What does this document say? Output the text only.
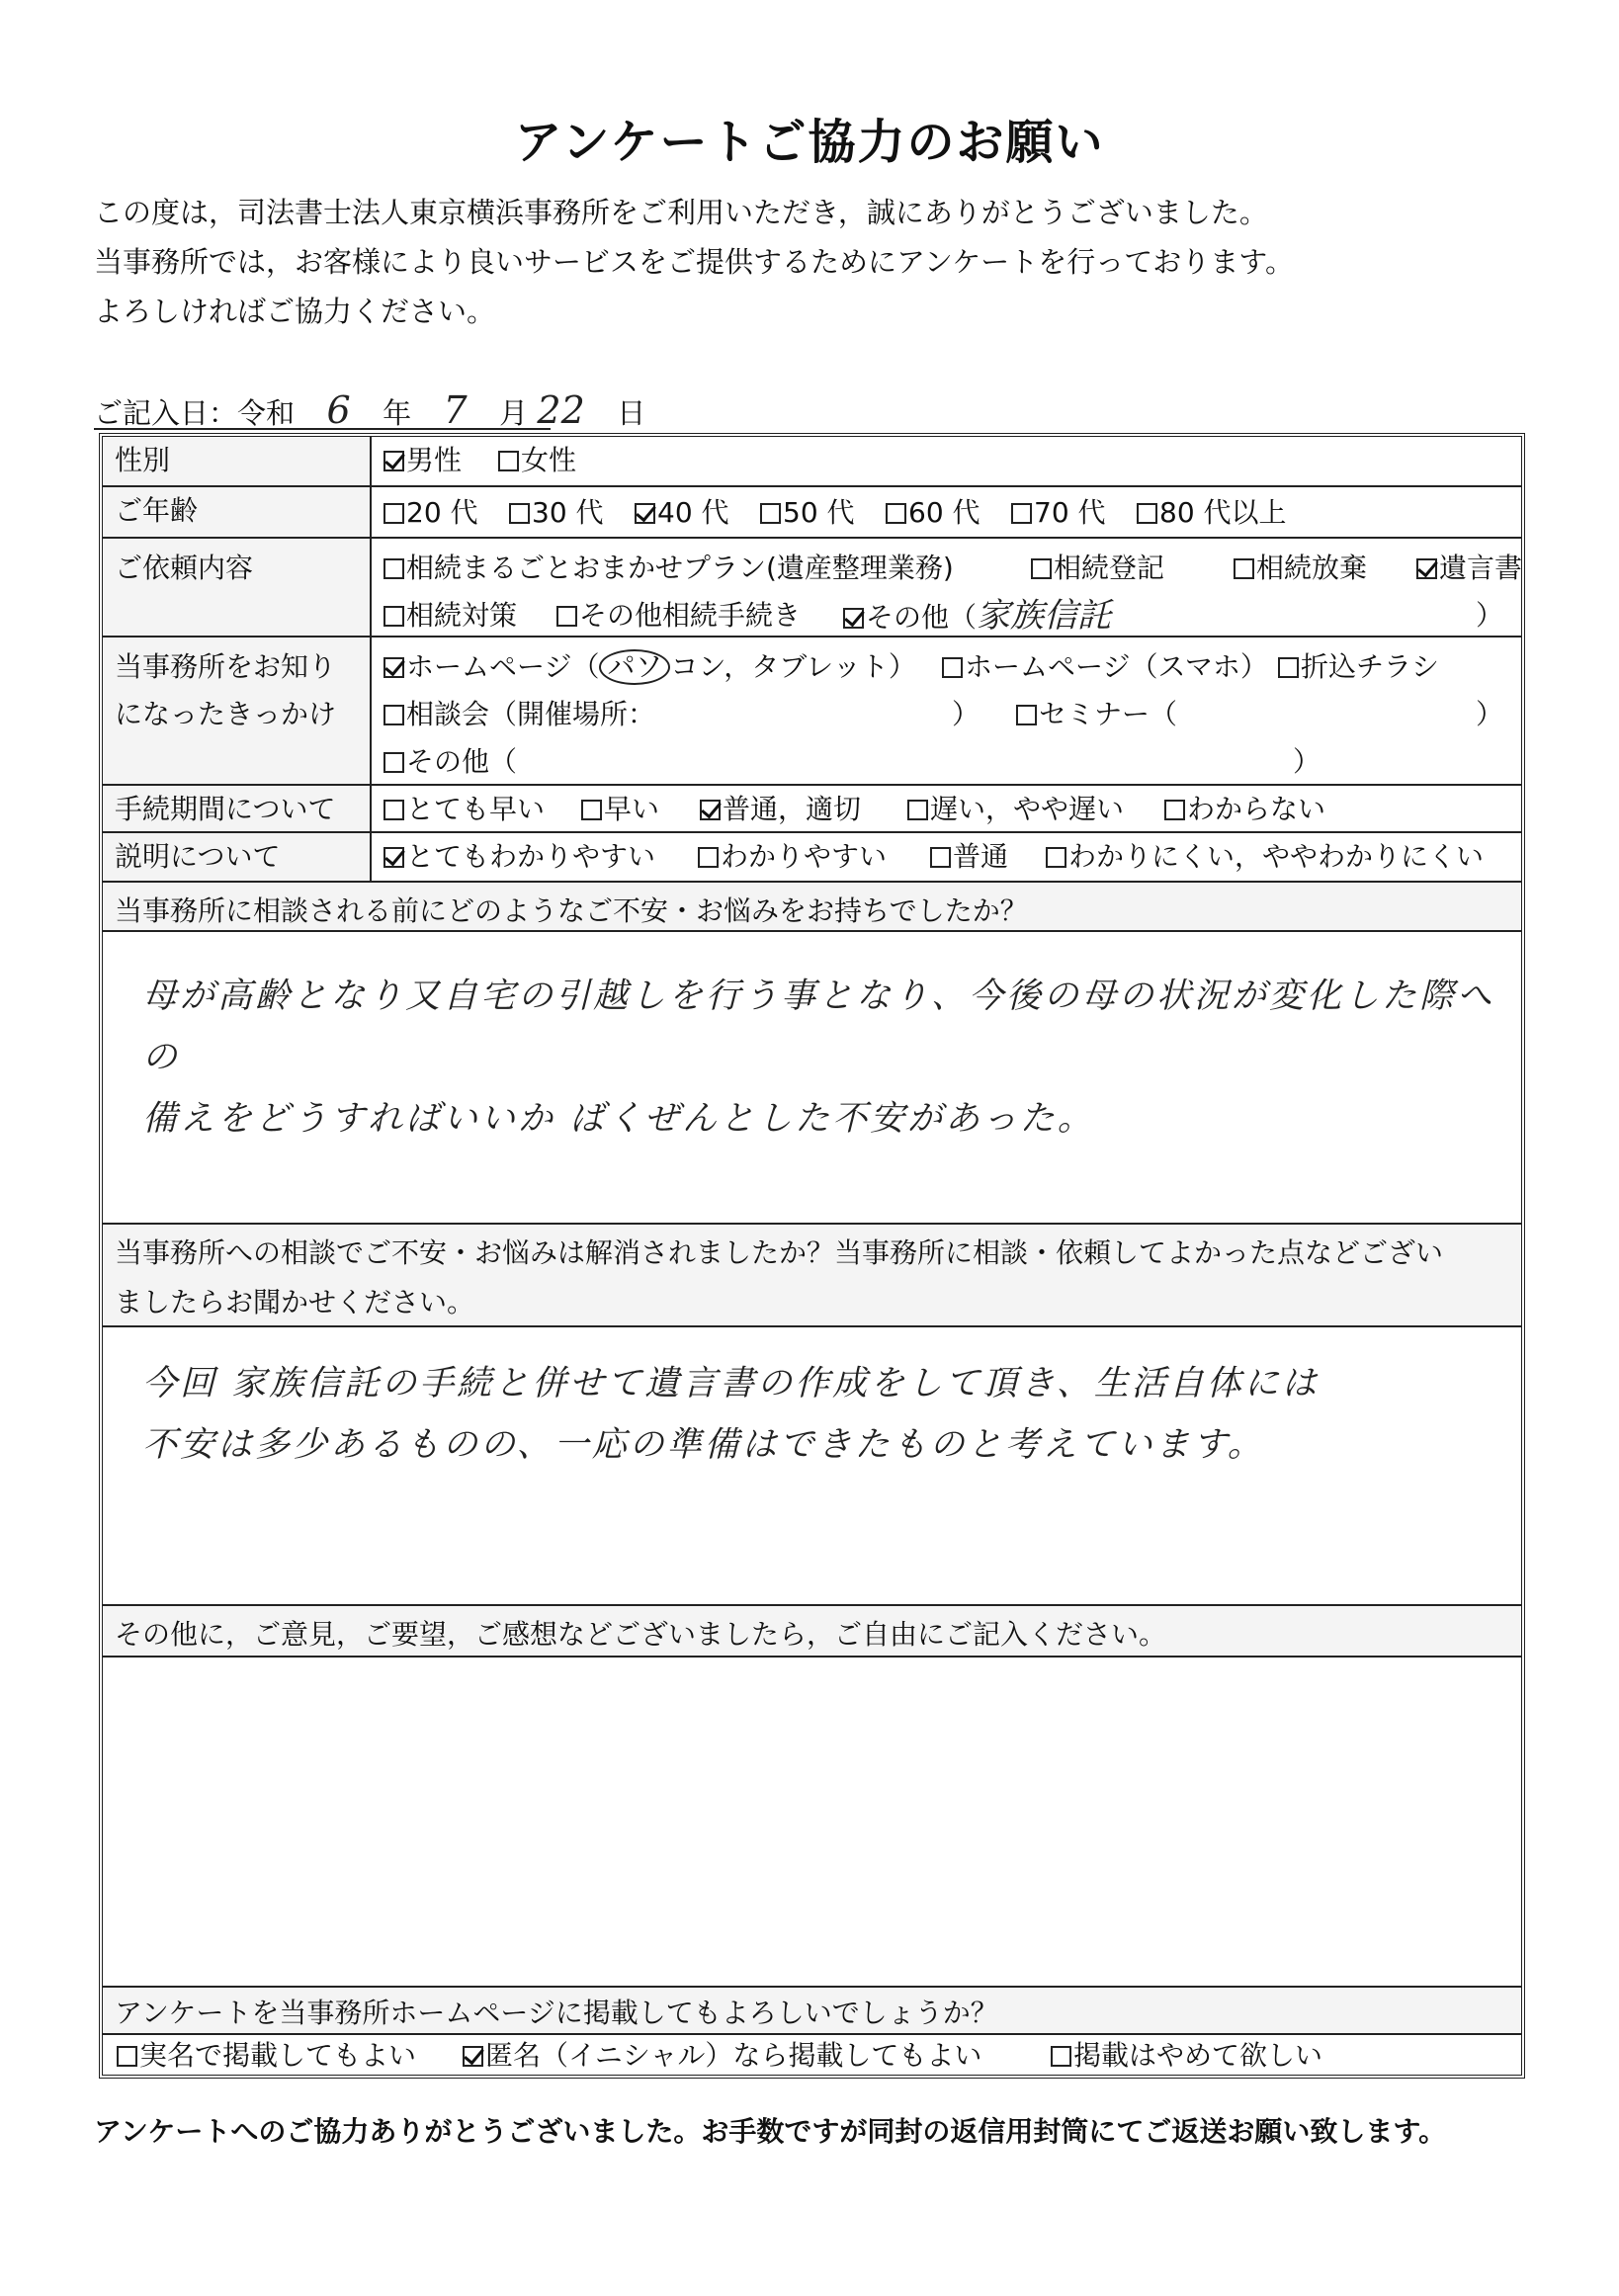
アンケートご協力のお願い
この度は，司法書士法人東京横浜事務所をご利用いただき，誠にありがとうございました。
当事務所では，お客様により良いサービスをご提供するためにアンケートを行っております。
よろしければご協力ください。
ご記入日：令和 6 年 7 月 22 日
性別	男性	女性
ご年齢	20 代	30 代	40 代	50 代	60 代	70 代	80 代以上
ご依頼内容	相続まるごとおまかせプラン(遺産整理業務)	相続登記	相続放棄	遺言書
相続対策	その他相続手続き	その他（家族信託	）
当事務所をお知り
になったきっかけ
ホームページ（ パソ コン，タブレット）	ホームページ（スマホ）	折込チラシ
相談会（開催場所：	）	セミナー（	）
その他（	）
手続期間について	とても早い	早い	普通，適切	遅い，やや遅い	わからない
説明について	とてもわかりやすい	わかりやすい	普通	わかりにくい，ややわかりにくい
当事務所に相談される前にどのようなご不安・お悩みをお持ちでしたか？
母が高齢となり又自宅の引越しを行う事となり、今後の母の状況が変化した際への
備えをどうすればいいか ばくぜんとした不安があった。
当事務所への相談でご不安・お悩みは解消されましたか？当事務所に相談・依頼してよかった点などござい
ましたらお聞かせください。
今回 家族信託の手続と併せて遺言書の作成をして頂き、生活自体には
不安は多少あるものの、一応の準備はできたものと考えています。
その他に，ご意見，ご要望，ご感想などございましたら，ご自由にご記入ください。
アンケートを当事務所ホームページに掲載してもよろしいでしょうか？
実名で掲載してもよい	匿名（イニシャル）なら掲載してもよい	掲載はやめて欲しい
アンケートへのご協力ありがとうございました。お手数ですが同封の返信用封筒にてご返送お願い致します。
